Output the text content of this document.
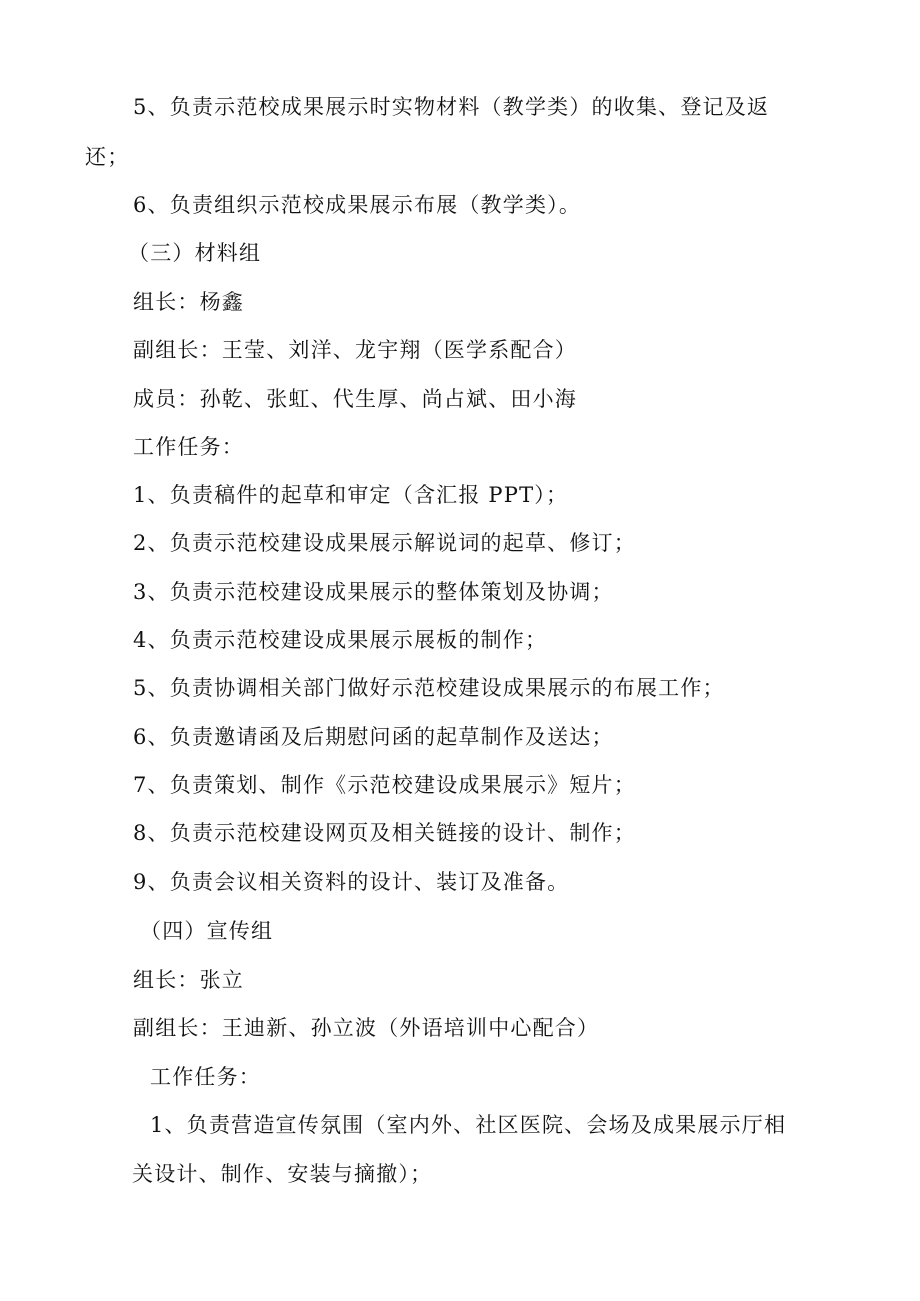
5、负责示范校成果展示时实物材料（教学类）的收集、登记及返
还；
6、负责组织示范校成果展示布展（教学类）。
（三）材料组
组长：杨鑫
副组长：王莹、刘洋、龙宇翔（医学系配合）
成员：孙乾、张虹、代生厚、尚占斌、田小海
工作任务：
1、负责稿件的起草和审定（含汇报 PPT）；
2、负责示范校建设成果展示解说词的起草、修订；
3、负责示范校建设成果展示的整体策划及协调；
4、负责示范校建设成果展示展板的制作；
5、负责协调相关部门做好示范校建设成果展示的布展工作；
6、负责邀请函及后期慰问函的起草制作及送达；
7、负责策划、制作《示范校建设成果展示》短片；
8、负责示范校建设网页及相关链接的设计、制作；
9、负责会议相关资料的设计、装订及准备。
（四）宣传组
组长：张立
副组长：王迪新、孙立波（外语培训中心配合）
工作任务：
1、负责营造宣传氛围（室内外、社区医院、会场及成果展示厅相
关设计、制作、安装与摘撤）；
